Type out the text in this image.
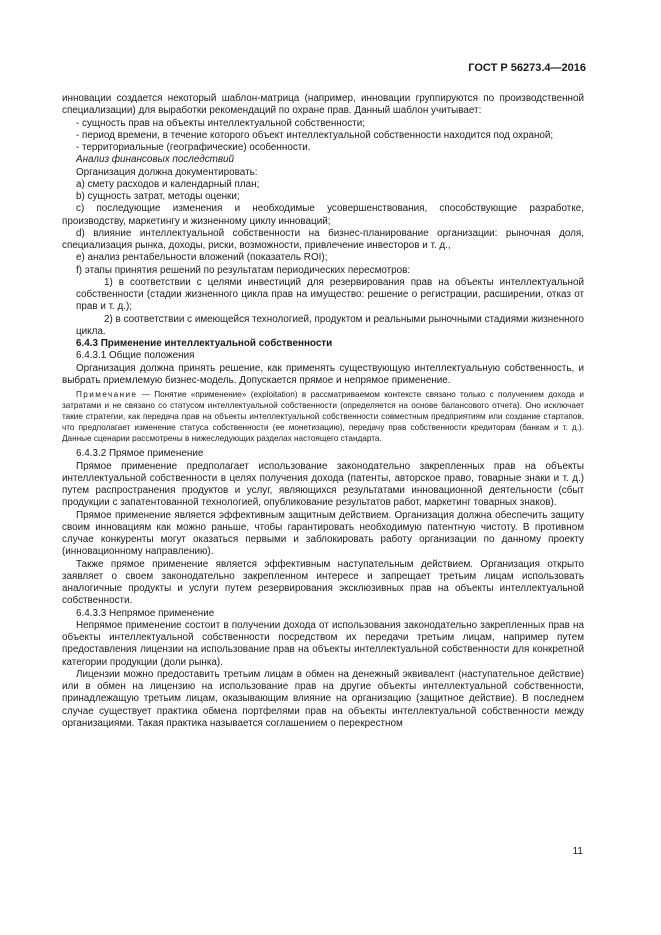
ГОСТ Р 56273.4—2016

инновации создается некоторый шаблон-матрица (например, инновации группируются по производственной специализации) для выработки рекомендаций по охране прав. Данный шаблон учитывает:

- сущность прав на объекты интеллектуальной собственности;

- период времени, в течение которого объект интеллектуальной собственности находится под охраной;

- территориальные (географические) особенности.

Анализ финансовых последствий

Организация должна документировать:

a) смету расходов и календарный план;

b) сущность затрат, методы оценки;

c) последующие изменения и необходимые усовершенствования, способствующие разработке, производству, маркетингу и жизненному циклу инноваций;

d) влияние интеллектуальной собственности на бизнес-планирование организации: рыночная доля, специализация рынка, доходы, риски, возможности, привлечение инвесторов и т. д.,

e) анализ рентабельности вложений (показатель ROI);

f) этапы принятия решений по результатам периодических пересмотров:

1) в соответствии с целями инвестиций для резервирования прав на объекты интеллектуальной собственности (стадии жизненного цикла прав на имущество: решение о регистрации, расширении, отказ от прав и т. д.);

2) в соответствии с имеющейся технологией, продуктом и реальными рыночными стадиями жизненного цикла.

6.4.3 Применение интеллектуальной собственности

6.4.3.1 Общие положения

Организация должна принять решение, как применять существующую интеллектуальную собственность, и выбрать приемлемую бизнес-модель. Допускается прямое и непрямое применение.

Примечание — Понятие «применение» (exploitation) в рассматриваемом контексте связано только с получением дохода и затратами и не связано со статусом интеллектуальной собственности (определяется на основе балансового отчета). Оно исключает такие стратегии, как передача прав на объекты интеллектуальной собственности совместным предприятиям или создание стартапов, что предполагает изменение статуса собственности (ее монетизацию), передачу прав собственности кредиторам (банкам и т. д.). Данные сценарии рассмотрены в нижеследующих разделах настоящего стандарта.

6.4.3.2 Прямое применение

Прямое применение предполагает использование законодательно закрепленных прав на объекты интеллектуальной собственности в целях получения дохода (патенты, авторское право, товарные знаки и т. д.) путем распространения продуктов и услуг, являющихся результатами инновационной деятельности (сбыт продукции с запатентованной технологией, опубликование результатов работ, маркетинг товарных знаков).

Прямое применение является эффективным защитным действием. Организация должна обеспечить защиту своим инновациям как можно раньше, чтобы гарантировать необходимую патентную чистоту. В противном случае конкуренты могут оказаться первыми и заблокировать работу организации по данному проекту (инновационному направлению).

Также прямое применение является эффективным наступательным действием. Организация открыто заявляет о своем законодательно закрепленном интересе и запрещает третьим лицам использовать аналогичные продукты и услуги путем резервирования эксклюзивных прав на объекты интеллектуальной собственности.

6.4.3.3 Непрямое применение

Непрямое применение состоит в получении дохода от использования законодательно закрепленных прав на объекты интеллектуальной собственности посредством их передачи третьим лицам, например путем предоставления лицензии на использование прав на объекты интеллектуальной собственности для конкретной категории продукции (доли рынка).

Лицензии можно предоставить третьим лицам в обмен на денежный эквивалент (наступательное действие) или в обмен на лицензию на использование прав на другие объекты интеллектуальной собственности, принадлежащую третьим лицам, оказывающим влияние на организацию (защитное действие). В последнем случае существует практика обмена портфелями прав на объекты интеллектуальной собственности между организациями. Такая практика называется соглашением о перекрестном

11
